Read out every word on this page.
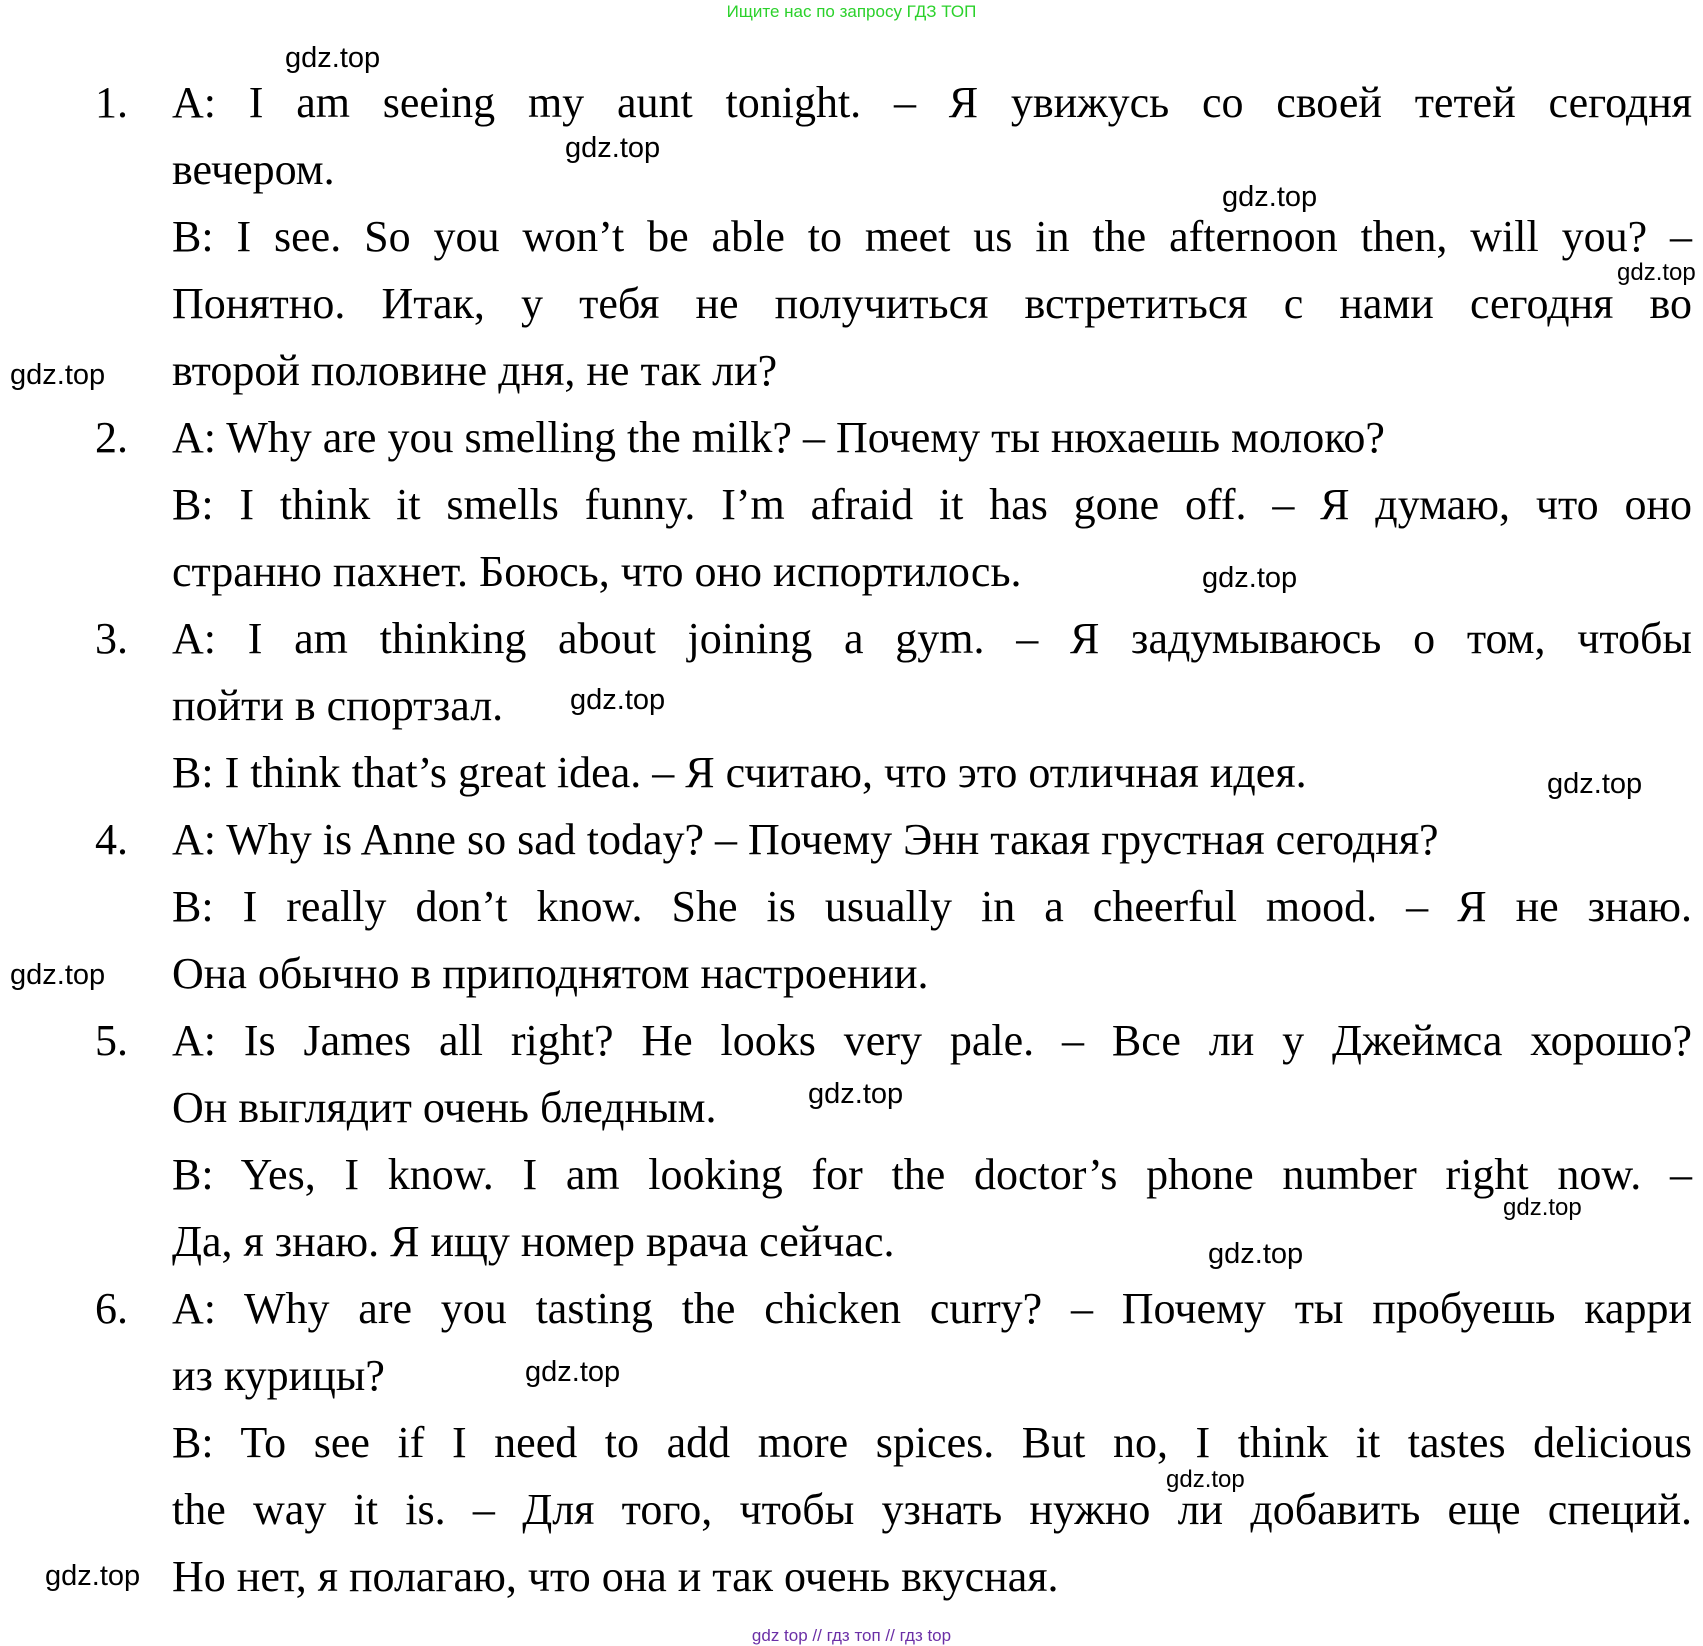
Ищите нас по запросу ГДЗ ТОП
1. A: I am seeing my aunt tonight. – Я увижусь со своей тетей сегодня
вечером.
B: I see. So you won’t be able to meet us in the afternoon then, will you? –
Понятно. Итак, у тебя не получиться встретиться с нами сегодня во
второй половине дня, не так ли?
2. A: Why are you smelling the milk? – Почему ты нюхаешь молоко?
B: I think it smells funny. I’m afraid it has gone off. – Я думаю, что оно
странно пахнет. Боюсь, что оно испортилось.
3. A: I am thinking about joining a gym. – Я задумываюсь о том, чтобы
пойти в спортзал.
B: I think that’s great idea. – Я считаю, что это отличная идея.
4. A: Why is Anne so sad today? – Почему Энн такая грустная сегодня?
B: I really don’t know. She is usually in a cheerful mood. – Я не знаю.
Она обычно в приподнятом настроении.
5. A: Is James all right? He looks very pale. – Все ли у Джеймса хорошо?
Он выглядит очень бледным.
B: Yes, I know. I am looking for the doctor’s phone number right now. –
Да, я знаю. Я ищу номер врача сейчас.
6. A: Why are you tasting the chicken curry? – Почему ты пробуешь карри
из курицы?
B: To see if I need to add more spices. But no, I think it tastes delicious
the way it is. – Для того, чтобы узнать нужно ли добавить еще специй.
Но нет, я полагаю, что она и так очень вкусная.
gdz.top
gdz.top
gdz.top
gdz.top
gdz.top
gdz.top
gdz.top
gdz.top
gdz.top
gdz.top
gdz.top
gdz.top
gdz.top
gdz.top
gdz.top
gdz top // гдз топ // гдз top
